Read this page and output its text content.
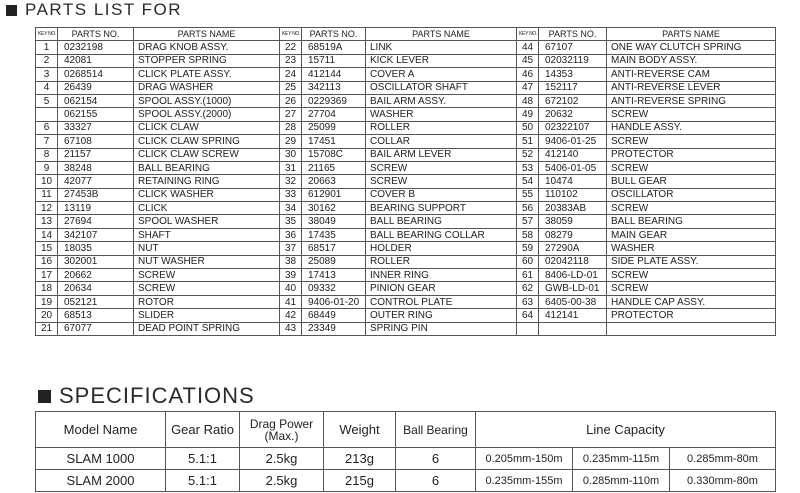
PARTS LIST FOR
KEY NO.	PARTS NO.	PARTS NAME	KEY NO.	PARTS NO.	PARTS NAME	KEY NO.	PARTS NO.	PARTS NAME
1	0232198	DRAG KNOB ASSY.	22	68519A	LINK	44	67107	ONE WAY CLUTCH SPRING
2	42081	STOPPER SPRING	23	15711	KICK LEVER	45	02032119	MAIN BODY ASSY.
3	0268514	CLICK PLATE ASSY.	24	412144	COVER A	46	14353	ANTI-REVERSE CAM
4	26439	DRAG WASHER	25	342113	OSCILLATOR SHAFT	47	152117	ANTI-REVERSE LEVER
5	062154	SPOOL ASSY.(1000)	26	0229369	BAIL ARM ASSY.	48	672102	ANTI-REVERSE SPRING
	062155	SPOOL ASSY.(2000)	27	27704	WASHER	49	20632	SCREW
6	33327	CLICK CLAW	28	25099	ROLLER	50	02322107	HANDLE ASSY.
7	67108	CLICK CLAW SPRING	29	17451	COLLAR	51	9406-01-25	SCREW
8	21157	CLICK CLAW SCREW	30	15708C	BAIL ARM LEVER	52	412140	PROTECTOR
9	38248	BALL BEARING	31	21165	SCREW	53	5406-01-05	SCREW
10	42077	RETAINING RING	32	20663	SCREW	54	10474	BULL GEAR
11	27453B	CLICK WASHER	33	612901	COVER B	55	110102	OSCILLATOR
12	13119	CLICK	34	30162	BEARING SUPPORT	56	20383AB	SCREW
13	27694	SPOOL WASHER	35	38049	BALL BEARING	57	38059	BALL BEARING
14	342107	SHAFT	36	17435	BALL BEARING COLLAR	58	08279	MAIN GEAR
15	18035	NUT	37	68517	HOLDER	59	27290A	WASHER
16	302001	NUT WASHER	38	25089	ROLLER	60	02042118	SIDE PLATE ASSY.
17	20662	SCREW	39	17413	INNER RING	61	8406-LD-01	SCREW
18	20634	SCREW	40	09332	PINION GEAR	62	GWB-LD-01	SCREW
19	052121	ROTOR	41	9406-01-20	CONTROL PLATE	63	6405-00-38	HANDLE CAP ASSY.
20	68513	SLIDER	42	68449	OUTER RING	64	412141	PROTECTOR
21	67077	DEAD POINT SPRING	43	23349	SPRING PIN			
SPECIFICATIONS
Model Name	Gear Ratio	Drag Power
(Max.)	Weight	Ball Bearing	Line Capacity		
SLAM 1000	5.1:1	2.5kg	213g	6	0.205mm-150m	0.235mm-115m	0.285mm-80m
SLAM 2000	5.1:1	2.5kg	215g	6	0.235mm-155m	0.285mm-110m	0.330mm-80m
